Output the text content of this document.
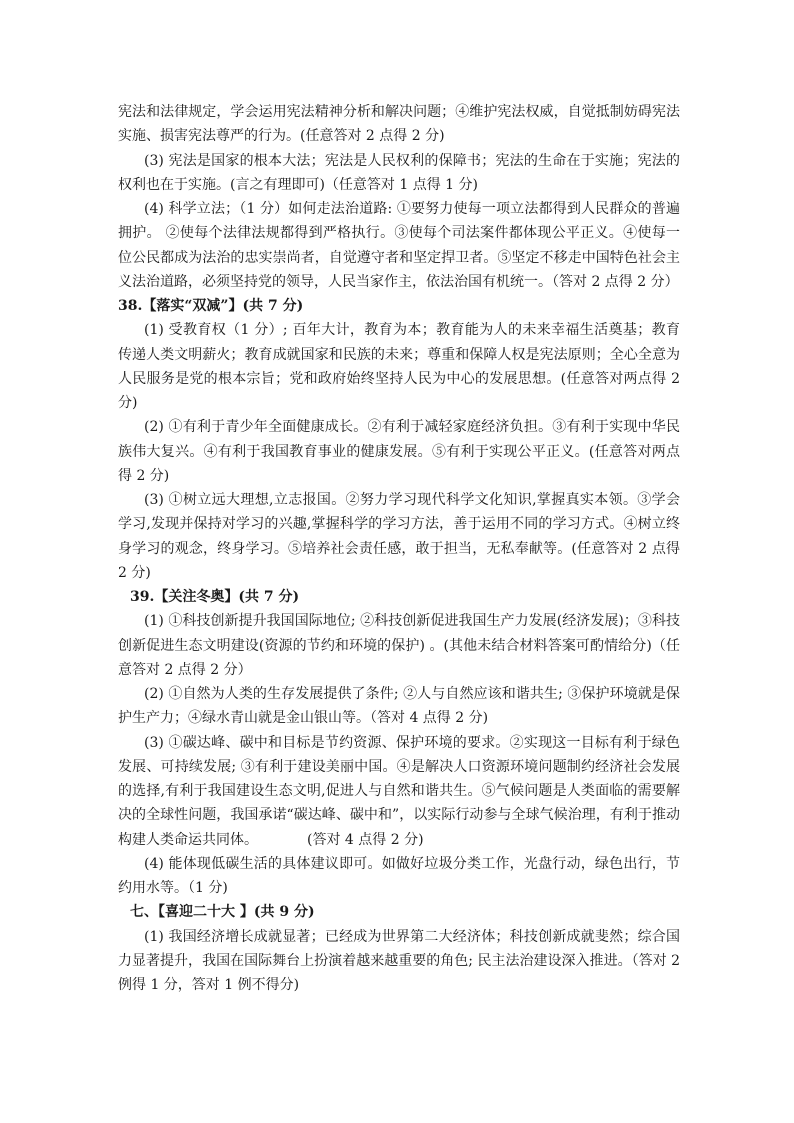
宪法和法律规定，学会运用宪法精神分析和解决问题；④维护宪法权威，自觉抵制妨碍宪法实施、损害宪法尊严的行为。(任意答对 2 点得 2 分)

(3) 宪法是国家的根本大法；宪法是人民权利的保障书；宪法的生命在于实施；宪法的权利也在于实施。(言之有理即可)（任意答对 1 点得 1 分)

(4) 科学立法；（1 分）如何走法治道路: ①要努力使每一项立法都得到人民群众的普遍拥护。 ②使每个法律法规都得到严格执行。③使每个司法案件都体现公平正义。④使每一位公民都成为法治的忠实崇尚者，自觉遵守者和坚定捍卫者。⑤坚定不移走中国特色社会主义法治道路，必须坚持党的领导，人民当家作主，依法治国有机统一。（答对 2 点得 2 分）

38.【落实“双减”】(共 7 分)

(1) 受教育权（1 分）; 百年大计，教育为本；教育能为人的未来幸福生活奠基；教育传递人类文明薪火；教育成就国家和民族的未来；尊重和保障人权是宪法原则；全心全意为人民服务是党的根本宗旨；党和政府始终坚持人民为中心的发展思想。(任意答对两点得 2 分)

(2) ①有利于青少年全面健康成长。②有利于减轻家庭经济负担。③有利于实现中华民族伟大复兴。④有利于我国教育事业的健康发展。⑤有利于实现公平正义。(任意答对两点得 2 分)

(3) ①树立远大理想,立志报国。②努力学习现代科学文化知识,掌握真实本领。③学会学习,发现并保持对学习的兴趣,掌握科学的学习方法，善于运用不同的学习方式。④树立终身学习的观念，终身学习。⑤培养社会责任感，敢于担当，无私奉献等。(任意答对 2 点得 2 分)

39.【关注冬奥】(共 7 分)

(1) ①科技创新提升我国国际地位; ②科技创新促进我国生产力发展(经济发展)；③科技创新促进生态文明建设(资源的节约和环境的保护) 。(其他未结合材料答案可酌情给分)（任意答对 2 点得 2 分）

(2) ①自然为人类的生存发展提供了条件; ②人与自然应该和谐共生; ③保护环境就是保护生产力；④绿水青山就是金山银山等。（答对 4 点得 2 分)

(3) ①碳达峰、碳中和目标是节约资源、保护环境的要求。②实现这一目标有利于绿色发展、可持续发展; ③有利于建设美丽中国。④是解决人口资源环境问题制约经济社会发展的选择,有利于我国建设生态文明,促进人与自然和谐共生。⑤气候问题是人类面临的需要解决的全球性问题，我国承诺“碳达峰、碳中和”，以实际行动参与全球气候治理，有利于推动构建人类命运共同体。　　　　(答对 4 点得 2 分)

(4) 能体现低碳生活的具体建议即可。如做好垃圾分类工作，光盘行动，绿色出行，节约用水等。（1 分)

七、【喜迎二十大 】(共 9 分)

(1) 我国经济增长成就显著；已经成为世界第二大经济体；科技创新成就斐然；综合国力显著提升，我国在国际舞台上扮演着越来越重要的角色; 民主法治建设深入推进。（答对 2 例得 1 分，答对 1 例不得分)
